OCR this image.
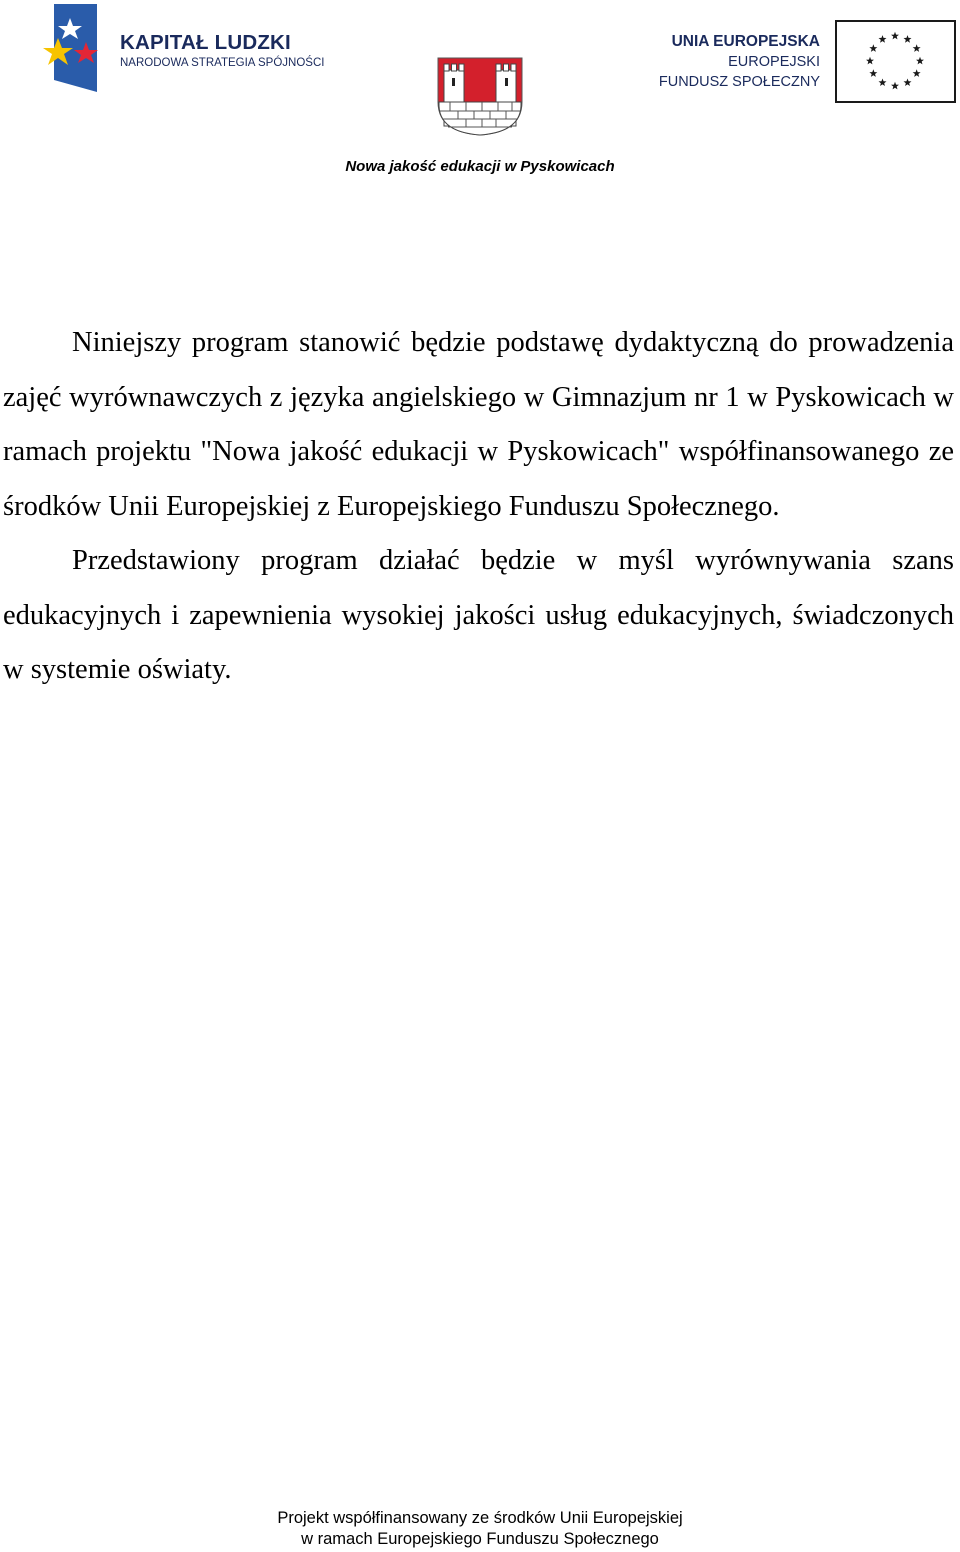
KAPITAŁ LUDZKI
NARODOWA STRATEGIA SPÓJNOŚCI
UNIA EUROPEJSKA
EUROPEJSKI
FUNDUSZ SPOŁECZNY
Nowa jakość edukacji w Pyskowicach

Niniejszy program stanowić będzie podstawę dydaktyczną do prowadzenia zajęć wyrównawczych z języka angielskiego w Gimnazjum nr 1 w Pyskowicach w ramach projektu "Nowa jakość edukacji w Pyskowicach" współfinansowanego ze środków Unii Europejskiej z Europejskiego Funduszu Społecznego.

Przedstawiony program działać będzie w myśl wyrównywania szans edukacyjnych i zapewnienia wysokiej jakości usług edukacyjnych, świadczonych w systemie oświaty.

Projekt współfinansowany ze środków Unii Europejskiej
w ramach Europejskiego Funduszu Społecznego
